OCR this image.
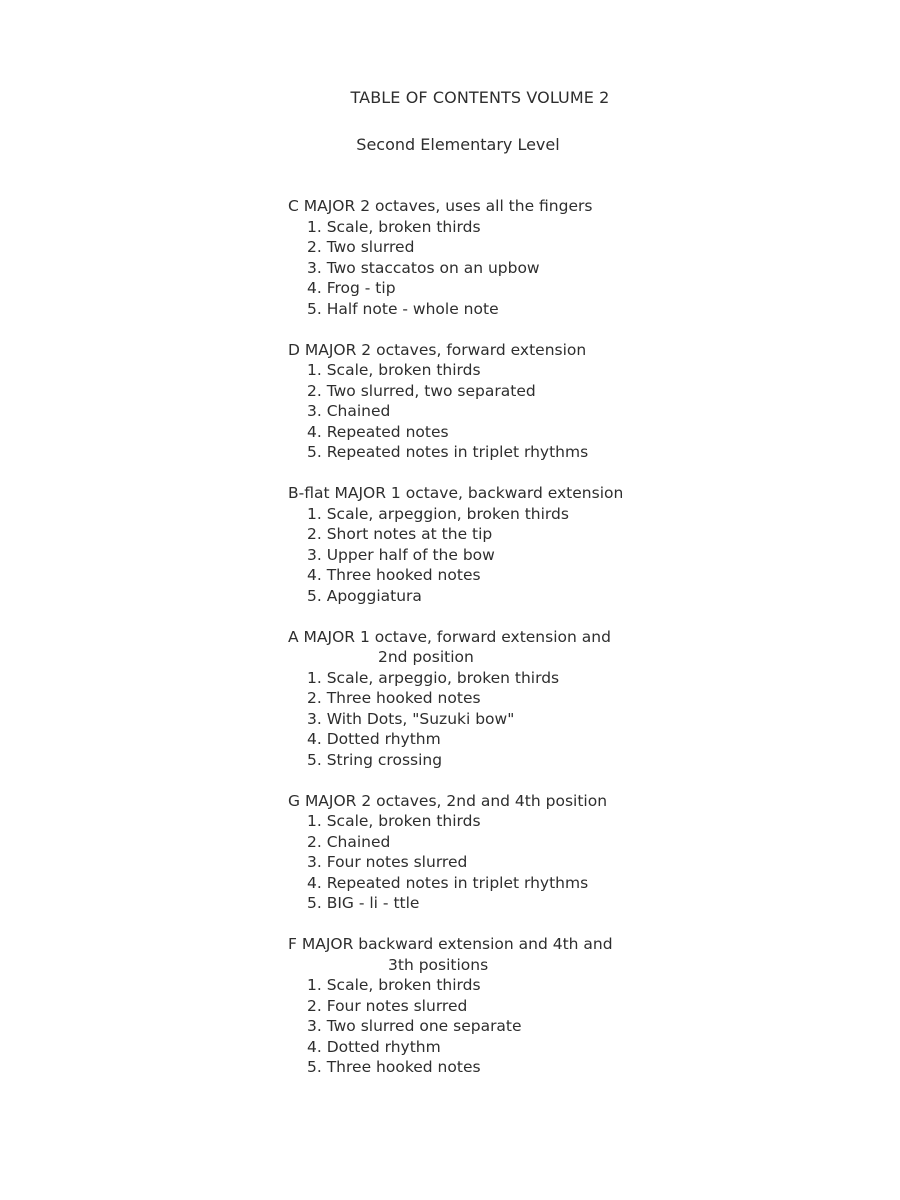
TABLE OF CONTENTS VOLUME 2
Second Elementary Level
C MAJOR 2 octaves, uses all the fingers
1. Scale, broken thirds
2. Two slurred
3. Two staccatos on an upbow
4. Frog - tip
5. Half note - whole note
D MAJOR 2 octaves, forward extension
1. Scale, broken thirds
2. Two slurred, two separated
3. Chained
4. Repeated notes
5. Repeated notes in triplet rhythms
B-flat MAJOR 1 octave, backward extension
1. Scale, arpeggion, broken thirds
2. Short notes at the tip
3. Upper half of the bow
4. Three hooked notes
5. Apoggiatura
A MAJOR 1 octave, forward extension and
2nd position
1. Scale, arpeggio, broken thirds
2. Three hooked notes
3. With Dots, "Suzuki bow"
4. Dotted rhythm
5. String crossing
G MAJOR 2 octaves, 2nd and 4th position
1. Scale, broken thirds
2. Chained
3. Four notes slurred
4. Repeated notes in triplet rhythms
5. BIG - li - ttle
F MAJOR backward extension and 4th and
3th positions
1. Scale, broken thirds
2. Four notes slurred
3. Two slurred one separate
4. Dotted rhythm
5. Three hooked notes
